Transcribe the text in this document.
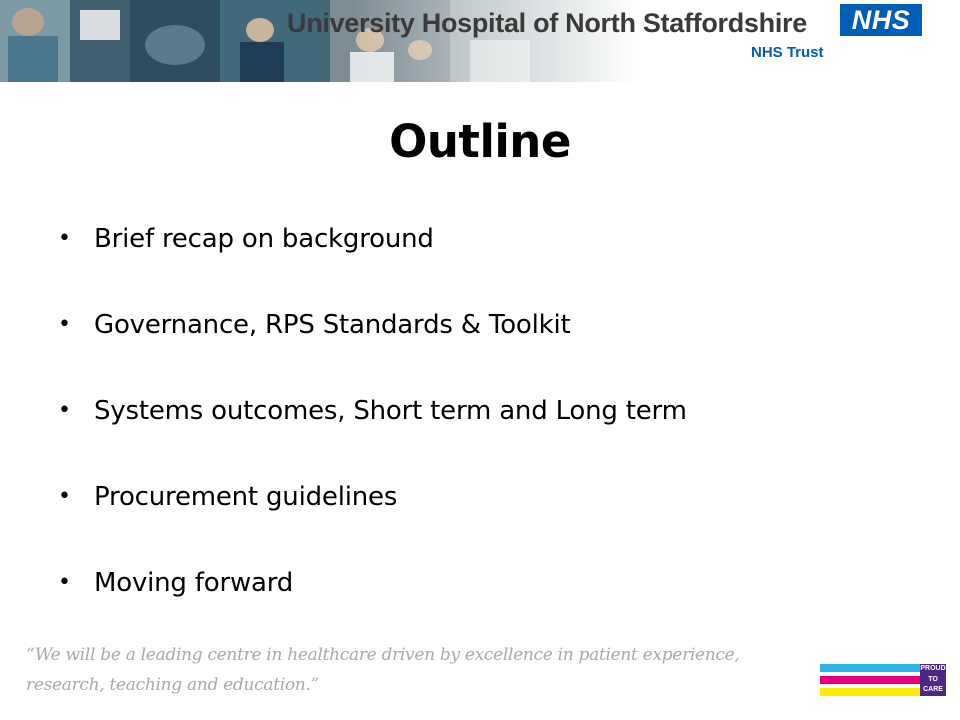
University Hospital of North Staffordshire	NHS
NHS Trust
Outline
• Brief recap on background
• Governance, RPS Standards & Toolkit
• Systems outcomes, Short term and Long term
• Procurement guidelines
• Moving forward
“We will be a leading centre in healthcare driven by excellence in patient experience, research, teaching and education.”
PROUD
TO
CARE
